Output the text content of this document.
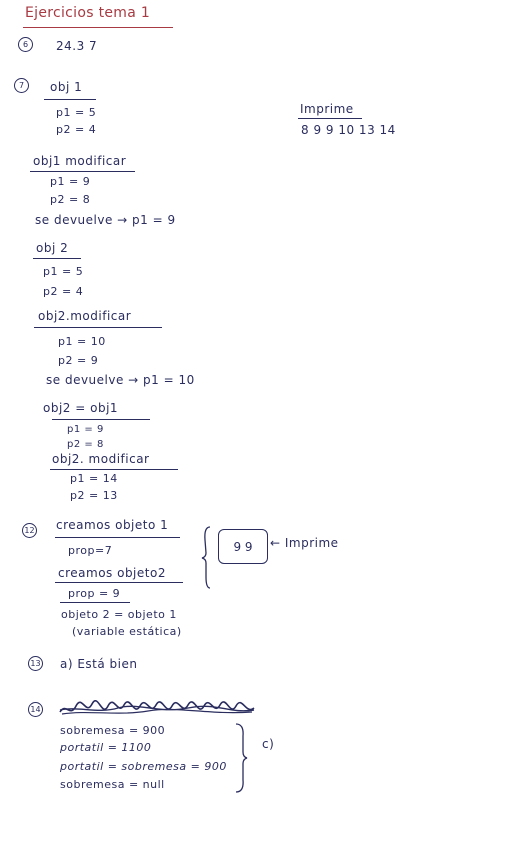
Ejercicios tema 1
6	24.3 7
7	obj 1
p1 = 5
p2 = 4
Imprime
8 9 9 10 13 14
obj1 modificar
p1 = 9
p2 = 8
se devuelve → p1 = 9
obj 2
p1 = 5
p2 = 4
obj2.modificar
p1 = 10
p2 = 9
se devuelve → p1 = 10
obj2 = obj1
p1 = 9
p2 = 8
obj2. modificar
p1 = 14
p2 = 13
12 creamos objeto 1
prop=7
creamos objeto2
prop = 9
objeto 2 = objeto 1
(variable estática)
9 9 ← Imprime
13 a) Está bien
14
sobremesa = 900
portatil = 1100
portatil = sobremesa = 900
sobremesa = null
c)
